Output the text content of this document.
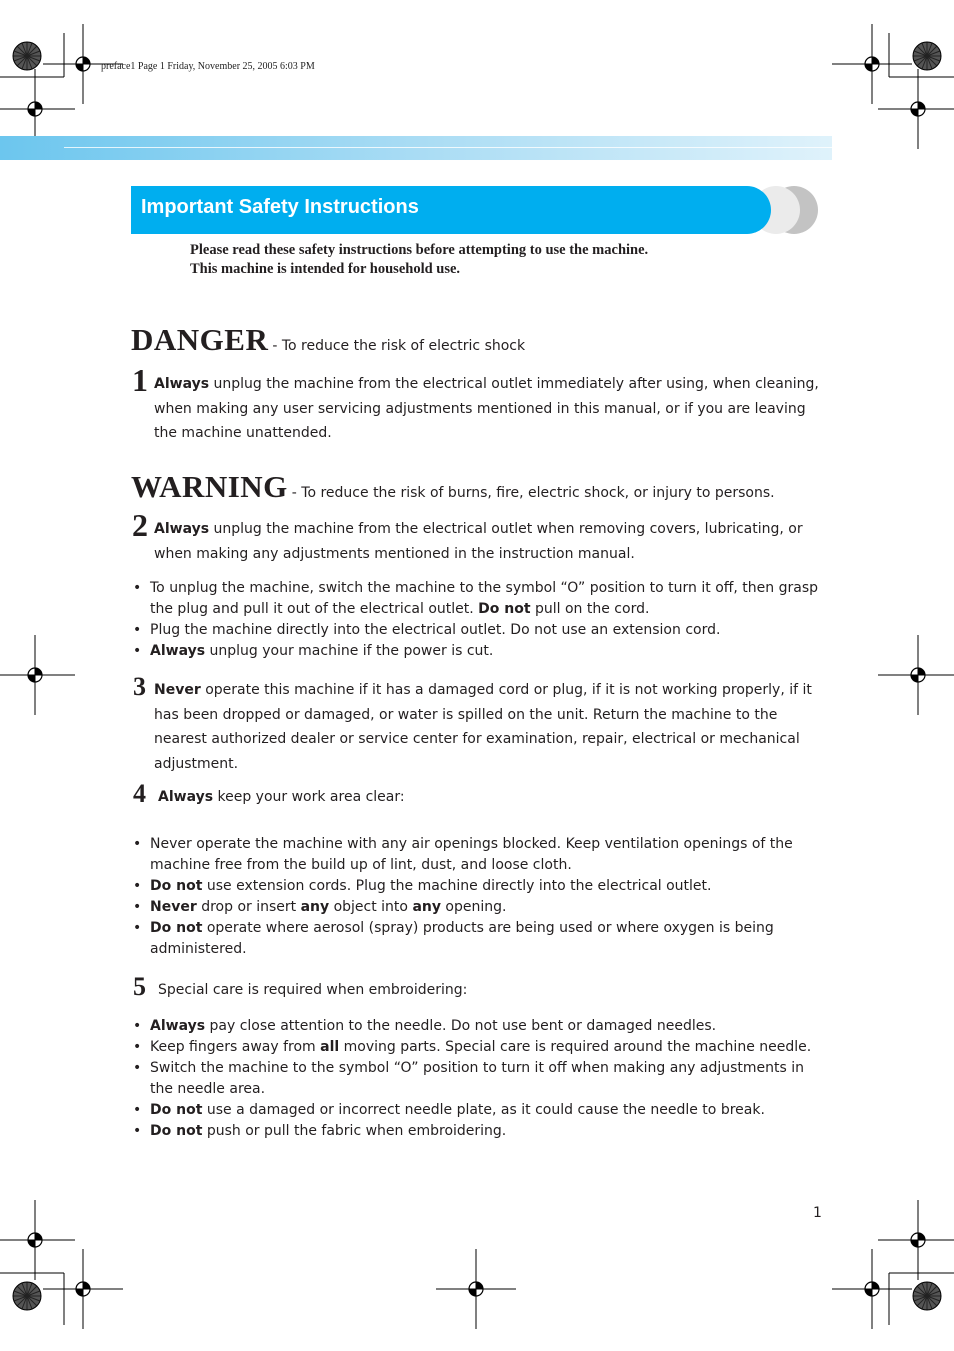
preface1 Page 1 Friday, November 25, 2005 6:03 PM
Important Safety Instructions
Please read these safety instructions before attempting to use the machine.
This machine is intended for household use.
DANGER - To reduce the risk of electric shock
1 Always unplug the machine from the electrical outlet immediately after using, when cleaning, when making any user servicing adjustments mentioned in this manual, or if you are leaving the machine unattended.
WARNING - To reduce the risk of burns, fire, electric shock, or injury to persons.
2 Always unplug the machine from the electrical outlet when removing covers, lubricating, or when making any adjustments mentioned in the instruction manual.
• To unplug the machine, switch the machine to the symbol “O” position to turn it off, then grasp the plug and pull it out of the electrical outlet. Do not pull on the cord.
• Plug the machine directly into the electrical outlet. Do not use an extension cord.
• Always unplug your machine if the power is cut.
3 Never operate this machine if it has a damaged cord or plug, if it is not working properly, if it has been dropped or damaged, or water is spilled on the unit. Return the machine to the nearest authorized dealer or service center for examination, repair, electrical or mechanical adjustment.
4 Always keep your work area clear:
• Never operate the machine with any air openings blocked. Keep ventilation openings of the machine free from the build up of lint, dust, and loose cloth.
• Do not use extension cords. Plug the machine directly into the electrical outlet.
• Never drop or insert any object into any opening.
• Do not operate where aerosol (spray) products are being used or where oxygen is being administered.
5 Special care is required when embroidering:
• Always pay close attention to the needle. Do not use bent or damaged needles.
• Keep fingers away from all moving parts. Special care is required around the machine needle.
• Switch the machine to the symbol “O” position to turn it off when making any adjustments in the needle area.
• Do not use a damaged or incorrect needle plate, as it could cause the needle to break.
• Do not push or pull the fabric when embroidering.
1
